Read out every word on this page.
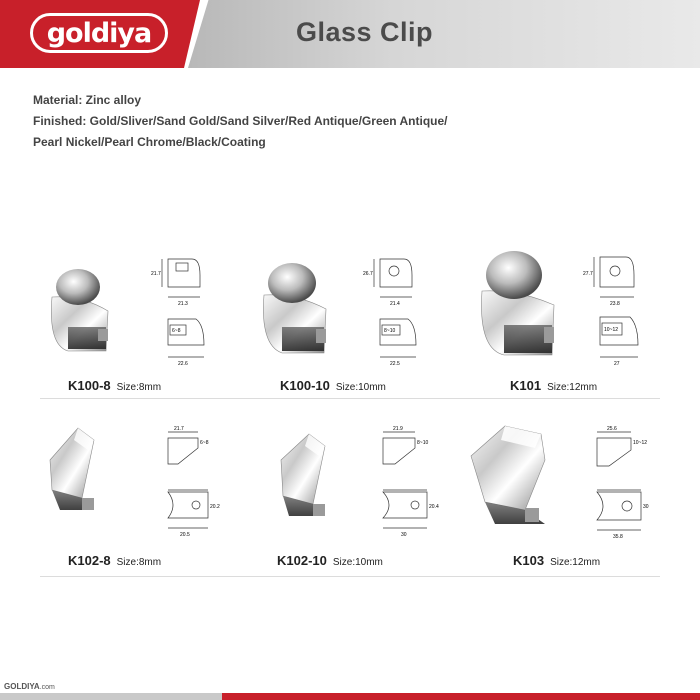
goldiya	Glass Clip
Material: Zinc alloy
Finished: Gold/Sliver/Sand Gold/Sand Silver/Red Antique/Green Antique/
Pearl Nickel/Pearl Chrome/Black/Coating
21.7
21.3
6~8
22.6
K100-8 Size:8mm
26.7
21.4
8~10
22.5
K100-10 Size:10mm
27.7
23.8
10~12
27
K101 Size:12mm
21.7
6~8
20.2
20.5
K102-8 Size:8mm
21.9
8~10
20.4
30
K102-10 Size:10mm
25.6
10~12
30
35.8
K103 Size:12mm
GOLDIYA.com
